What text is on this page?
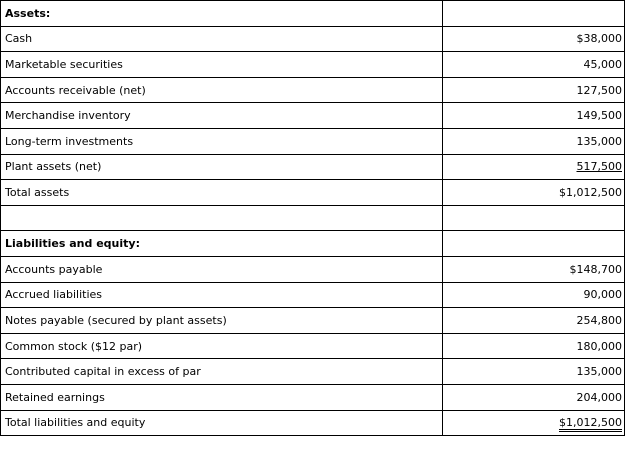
Assets:	
Cash	$38,000
Marketable securities	45,000
Accounts receivable (net)	127,500
Merchandise inventory	149,500
Long-term investments	135,000
Plant assets (net)	517,500
Total assets	$1,012,500

Liabilities and equity:	
Accounts payable	$148,700
Accrued liabilities	90,000
Notes payable (secured by plant assets)	254,800
Common stock ($12 par)	180,000
Contributed capital in excess of par	135,000
Retained earnings	204,000
Total liabilities and equity	$1,012,500
